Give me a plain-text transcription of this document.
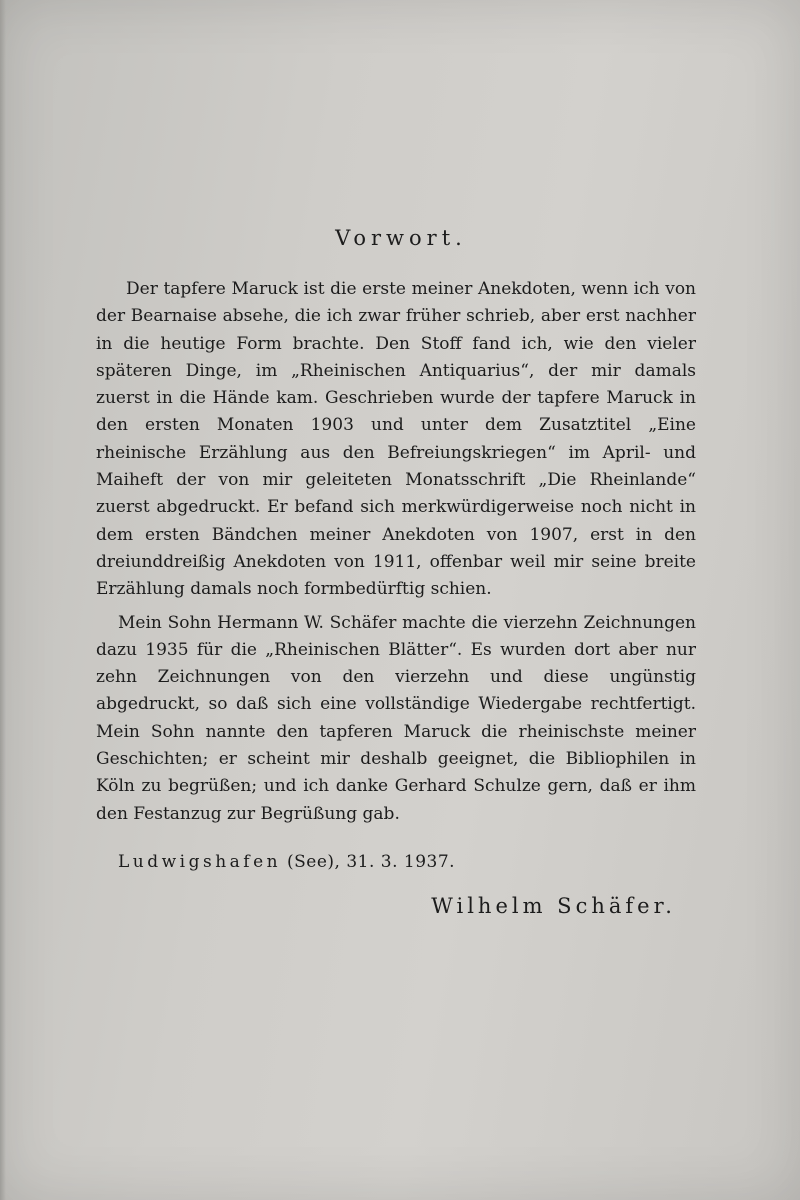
Vorwort.

Der tapfere Maruck ist die erste meiner Anekdoten, wenn ich von der Bearnaise absehe, die ich zwar früher schrieb, aber erst nachher in die heutige Form brachte. Den Stoff fand ich, wie den vieler späteren Dinge, im „Rheinischen Antiquarius“, der mir damals zuerst in die Hände kam. Geschrieben wurde der tapfere Maruck in den ersten Monaten 1903 und unter dem Zusatztitel „Eine rheinische Erzählung aus den Befreiungskriegen“ im April- und Maiheft der von mir geleiteten Monatsschrift „Die Rheinlande“ zuerst abgedruckt. Er befand sich merkwürdigerweise noch nicht in dem ersten Bändchen meiner Anekdoten von 1907, erst in den dreiunddreißig Anekdoten von 1911, offenbar weil mir seine breite Erzählung damals noch formbedürftig schien.

Mein Sohn Hermann W. Schäfer machte die vierzehn Zeichnungen dazu 1935 für die „Rheinischen Blätter“. Es wurden dort aber nur zehn Zeichnungen von den vierzehn und diese ungünstig abgedruckt, so daß sich eine vollständige Wiedergabe rechtfertigt. Mein Sohn nannte den tapferen Maruck die rheinischste meiner Geschichten; er scheint mir deshalb geeignet, die Bibliophilen in Köln zu begrüßen; und ich danke Gerhard Schulze gern, daß er ihm den Festanzug zur Begrüßung gab.

Ludwigshafen (See), 31. 3. 1937.
Wilhelm Schäfer.
